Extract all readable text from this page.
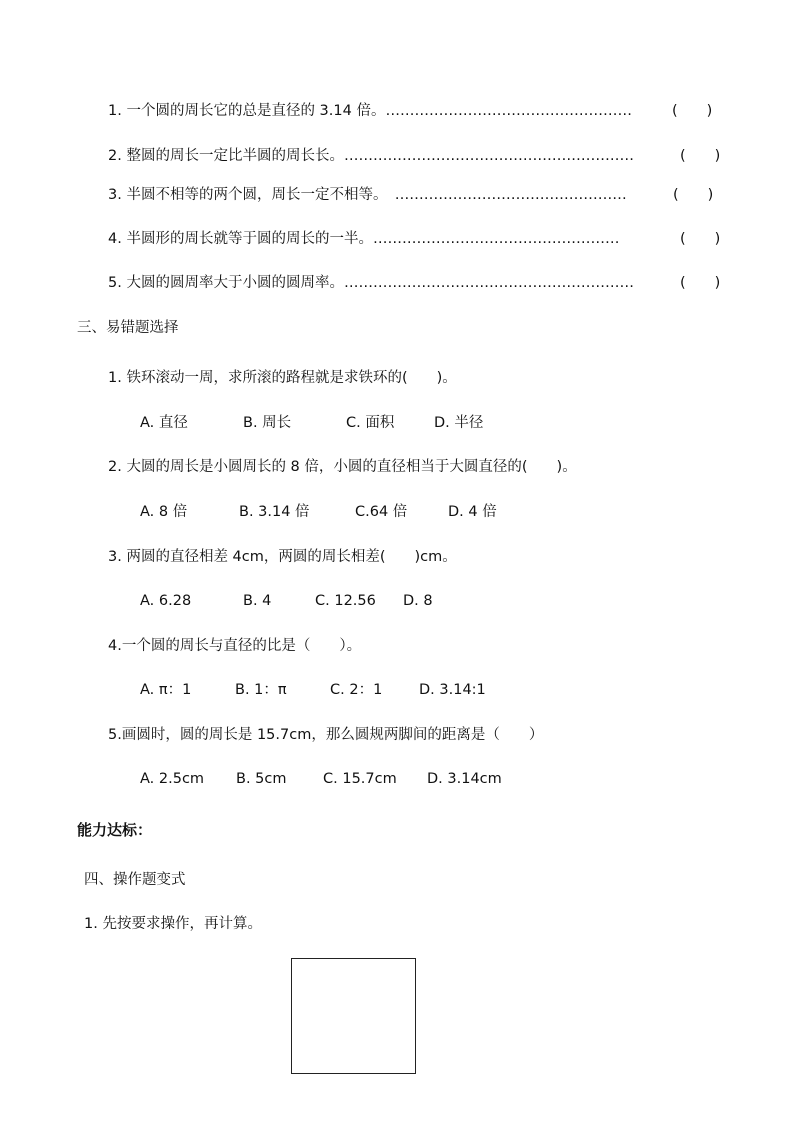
1. 一个圆的周长它的总是直径的 3.14 倍。……………………………………………	(　　)
2. 整圆的周长一定比半圆的周长长。……………………………………………………	(　　)
3. 半圆不相等的两个圆，周长一定不相等。　…………………………………………	(　　)
4. 半圆形的周长就等于圆的周长的一半。……………………………………………	(　　)
5. 大圆的圆周率大于小圆的圆周率。……………………………………………………	(　　)
三、易错题选择
1. 铁环滚动一周，求所滚的路程就是求铁环的(　　)。
A. 直径	B. 周长	C. 面积	D. 半径
2. 大圆的周长是小圆周长的 8 倍，小圆的直径相当于大圆直径的(　　)。
A. 8 倍	B. 3.14 倍	C.64 倍	D. 4 倍
3. 两圆的直径相差 4cm，两圆的周长相差(　　)cm。
A. 6.28	B. 4	C. 12.56 D. 8
4.一个圆的周长与直径的比是（　　）。
A. π：1	B. 1：π	C. 2：1	D. 3.14:1
5.画圆时，圆的周长是 15.7cm，那么圆规两脚间的距离是（　　）
A. 2.5cm B. 5cm	C. 15.7cm D. 3.14cm
能力达标：
四、操作题变式
1. 先按要求操作，再计算。
